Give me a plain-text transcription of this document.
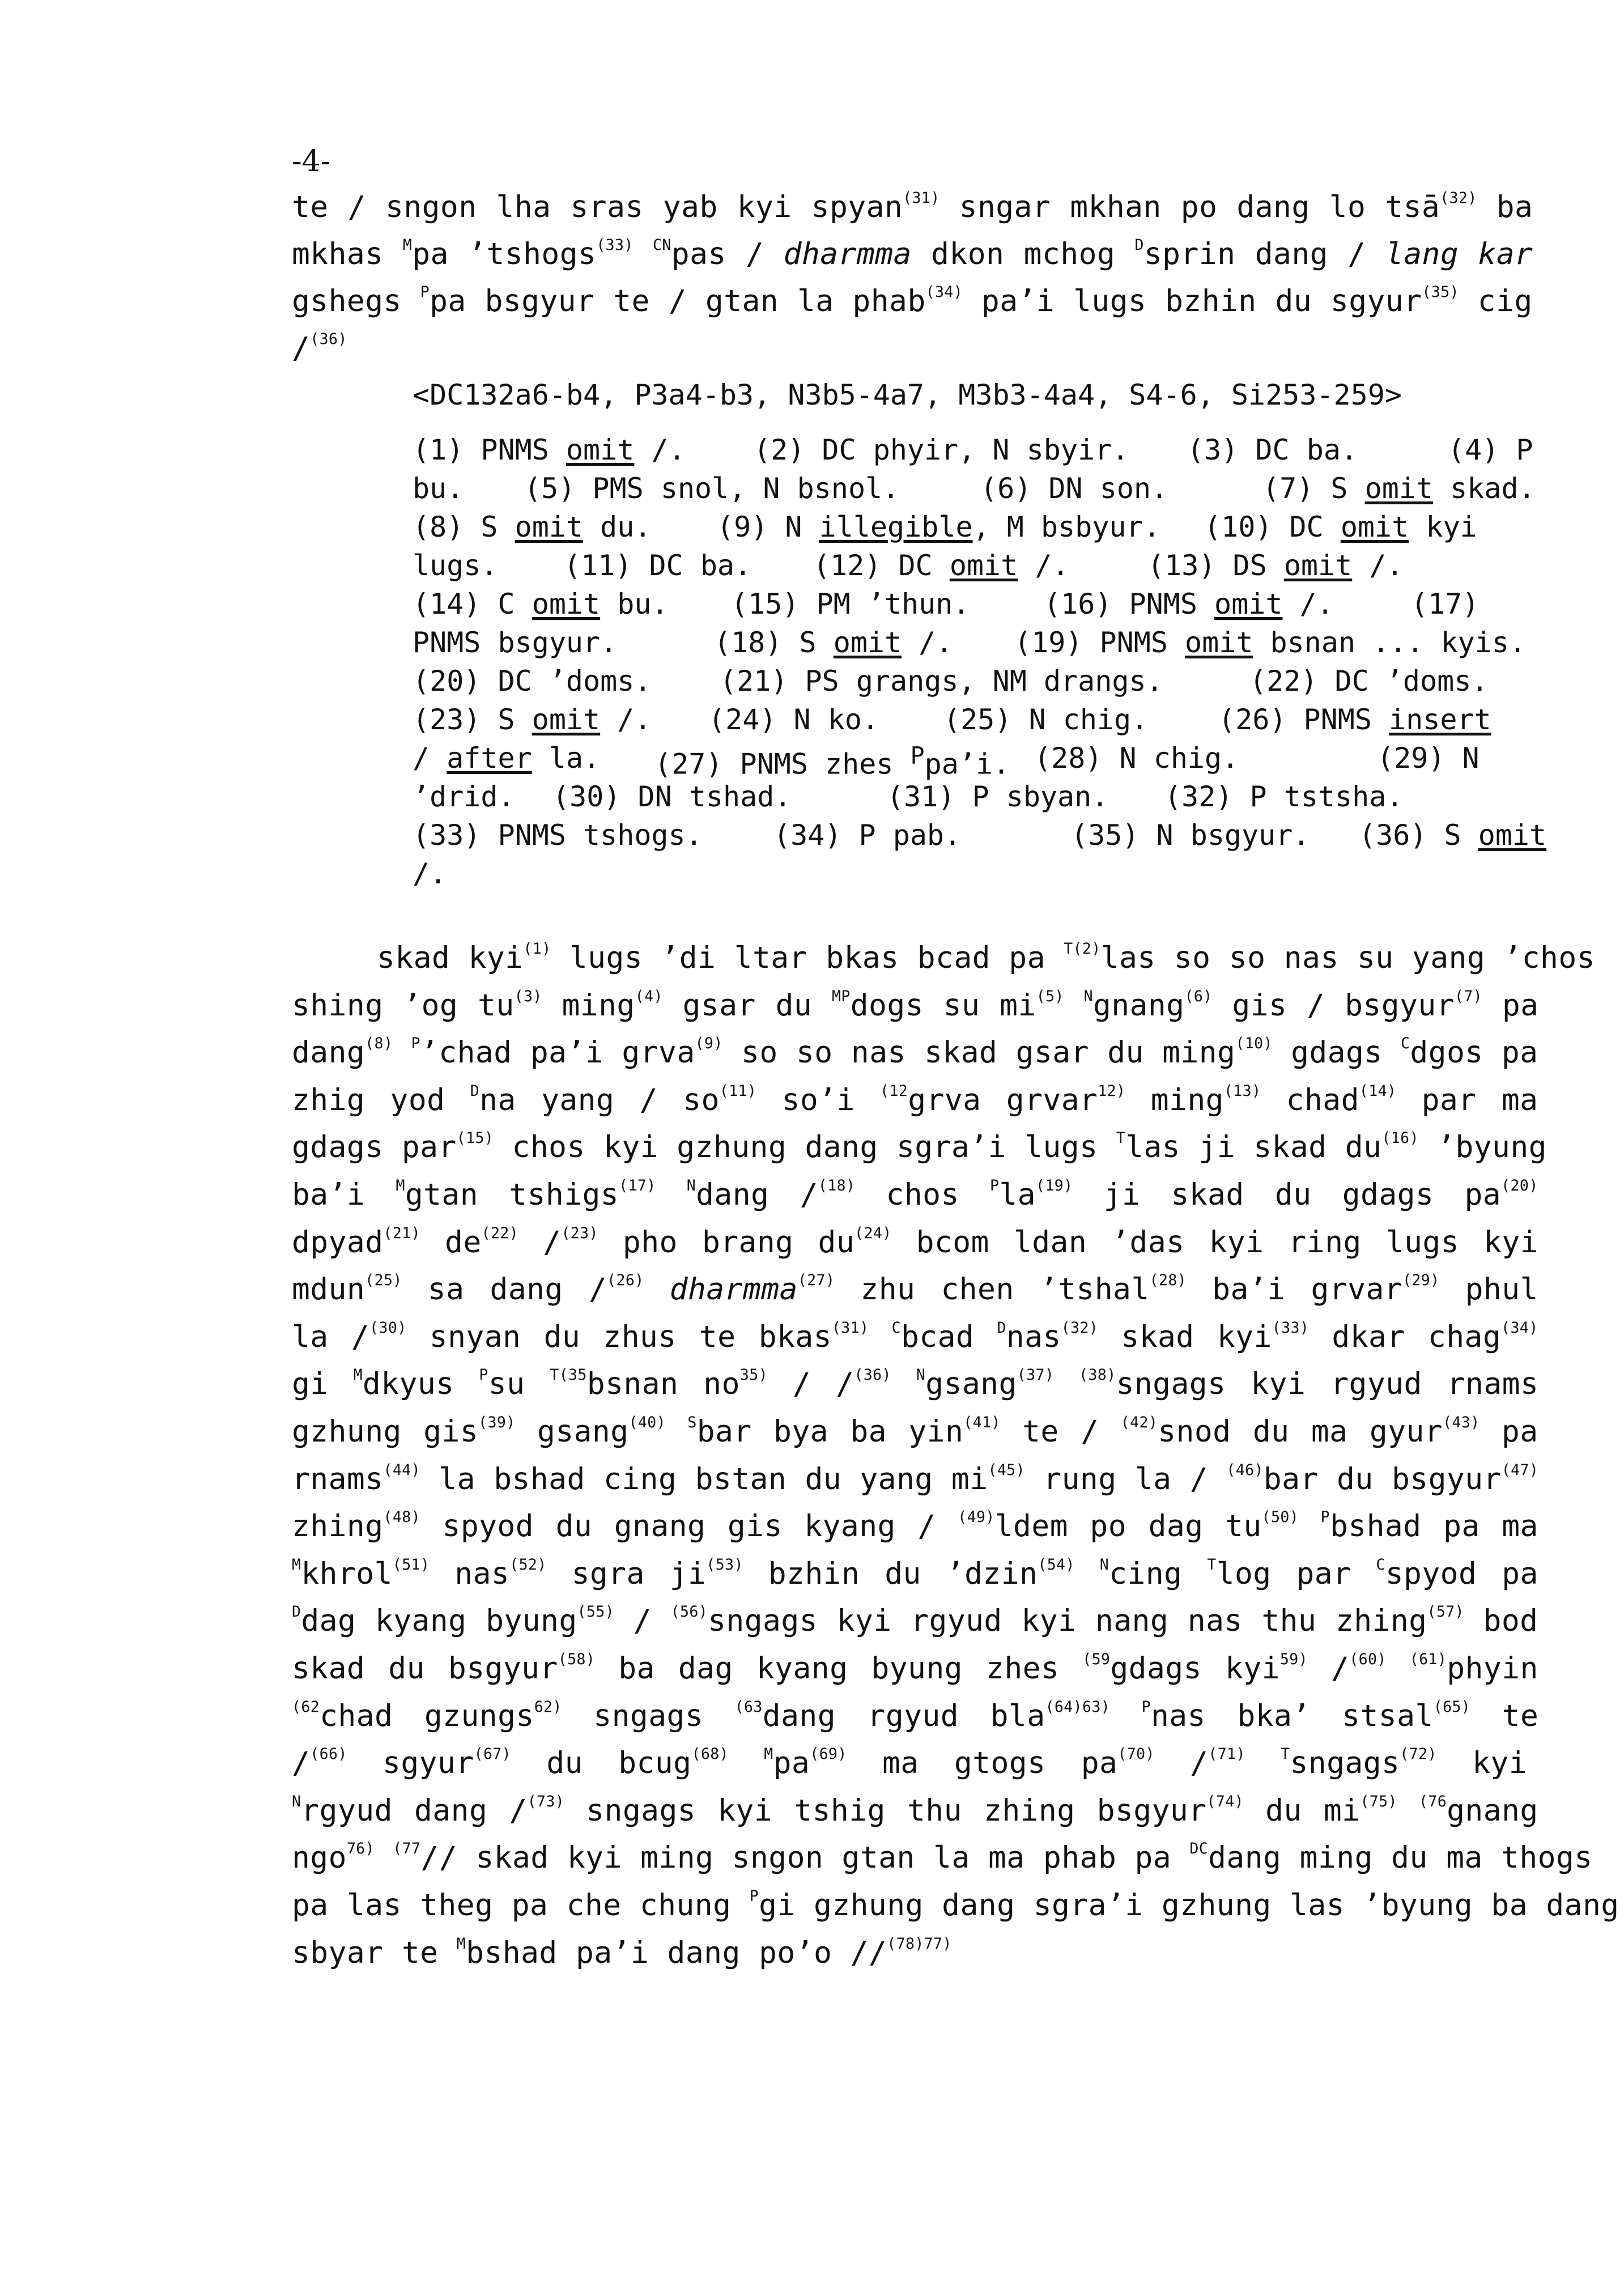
-4-
te / sngon lha sras yab kyi spyan$^{(31)}$ sngar mkhan po dang lo tsā$^{(32)}$ ba
mkhas $^M$pa ’tshogs$^{(33)}$ $^{CN}$pas / dharmma dkon mchog $^D$sprin dang / lang kar
gshegs $^P$pa bsgyur te / gtan la phab$^{(34)}$ pa’i lugs bzhin du sgyur$^{(35)}$ cig
/$^{(36)}$
<DC132a6-b4, P3a4-b3, N3b5-4a7, M3b3-4a4, S4-6, Si253-259>
(1) PNMS omit /. (2) DC phyir, N sbyir. (3) DC ba.	(4) P
bu. (5) PMS snol, N bsnol.	(6) DN son.	(7) S omit skad.
(8) S omit du. (9) N illegible, M bsbyur. (10) DC omit kyi
lugs. (11) DC ba. (12) DC omit /.	(13) DS omit /.
(14) C omit bu. (15) PM ’thun.	(16) PNMS omit /.	(17)
PNMS bsgyur.	(18) S omit /. (19) PNMS omit bsnan ... kyis.
(20) DC ’doms. (21) PS grangs, NM drangs.	(22) DC ’doms.
(23) S omit /. (24) N ko. (25) N chig. (26) PNMS insert
/ after la. (27) PNMS zhes $^P$pa’i. (28) N chig.	(29) N
’drid. (30) DN tshad.	(31) P sbyan. (32) P tstsha.
(33) PNMS tshogs.	(34) P pab.	(35) N bsgyur. (36) S omit
/.
skad kyi$^{(1)}$ lugs ’di ltar bkas bcad pa $^{T(2)}$las so so nas su yang ’chos
shing ’og $tu^{(3)}$ ming$^{(4)}$ gsar du $^{MP}$dogs su $mi^{(5)}$ $^N$gnang$^{(6)}$ gis / bsgyur$^{(7)}$ pa
dang$^{(8)}$ $^P$’chad pa’i grva$^{(9)}$ so so nas skad gsar du ming$^{(10)}$ gdags $^C$dgos pa
zhig yod $^D$na yang / $so^{(11)}$ so’i $^{(12}$grva grvar$^{12)}$ ming$^{(13)}$ chad$^{(14)}$ par ma
gdags par$^{(15)}$ chos kyi gzhung dang sgra’i lugs $^T$las ji skad $du^{(16)}$ ’byung
ba’i $^M$gtan tshigs$^{(17)}$ $^N$dang /$^{(18)}$ chos $^Pla^{(19)}$ ji skad du gdags $pa^{(20)}$
dpyad$^{(21)}$ $de^{(22)}$ /$^{(23)}$ pho brang $du^{(24)}$ bcom ldan ’das kyi ring lugs kyi
mdun$^{(25)}$ sa dang /$^{(26)}$ dharmma$^{(27)}$ zhu chen ’tshal$^{(28)}$ ba’i grvar$^{(29)}$ phul
la /$^{(30)}$ snyan du zhus te bkas$^{(31)}$ $^C$bcad $^D$nas$^{(32)}$ skad kyi$^{(33)}$ dkar chag$^{(34)}$
gi $^M$dkyus $^P$su $^{T(35}$bsnan $no^{35)} / /^{(36)}$ $^N$gsang$^{(37)}$ $^{(38)}$sngags kyi rgyud rnams
gzhung gis$^{(39)}$ gsang$^{(40)}$ $^S$bar bya ba yin$^{(41)}$ te / $^{(42)}$snod du ma gyur$^{(43)}$ pa
rnams$^{(44)}$ la bshad cing bstan du yang $mi^{(45)}$ rung la / $^{(46)}$bar du bsgyur$^{(47)}$
zhing$^{(48)}$ spyod du gnang gis kyang / $^{(49)}$ldem po dag $tu^{(50)}$ $^P$bshad pa ma
$^M$khrol$^{(51)}$ nas$^{(52)}$ sgra $ji^{(53)}$ bzhin du ’dzin$^{(54)}$ $^N$cing $^T$log par $^C$spyod pa
$^D$dag kyang byung$^{(55)}$ / $^{(56)}$sngags kyi rgyud kyi nang nas thu zhing$^{(57)}$ bod
skad du bsgyur$^{(58)}$ ba dag kyang byung zhes $^{(59}$gdags kyi$^{59)}$ /$^{(60)}$ $^{(61)}$phyin
$^{(62}$chad gzungs$^{62)}$ sngags $^{(63}$dang rgyud bla$^{(64)63)}$ $^P$nas bka’ stsal$^{(65)}$ te
/$^{(66)}$ sgyur$^{(67)}$ du bcug$^{(68)}$ $^Mpa^{(69)}$ ma gtogs $pa^{(70)}$ /$^{(71)}$ $^T$sngags$^{(72)}$ kyi
$^N$rgyud dang /$^{(73)}$ sngags kyi tshig thu zhing bsgyur$^{(74)}$ du $mi^{(75)}$ $^{(76}$gnang
ngo$^{76)}$ $^{(77}$// skad kyi ming sngon gtan la ma phab pa $^{DC}$dang ming du ma thogs
pa las theg pa che chung $^P$gi gzhung dang sgra’i gzhung las ’byung ba dang
sbyar te $^M$bshad pa’i dang po’o //$^{(78)77)}$
